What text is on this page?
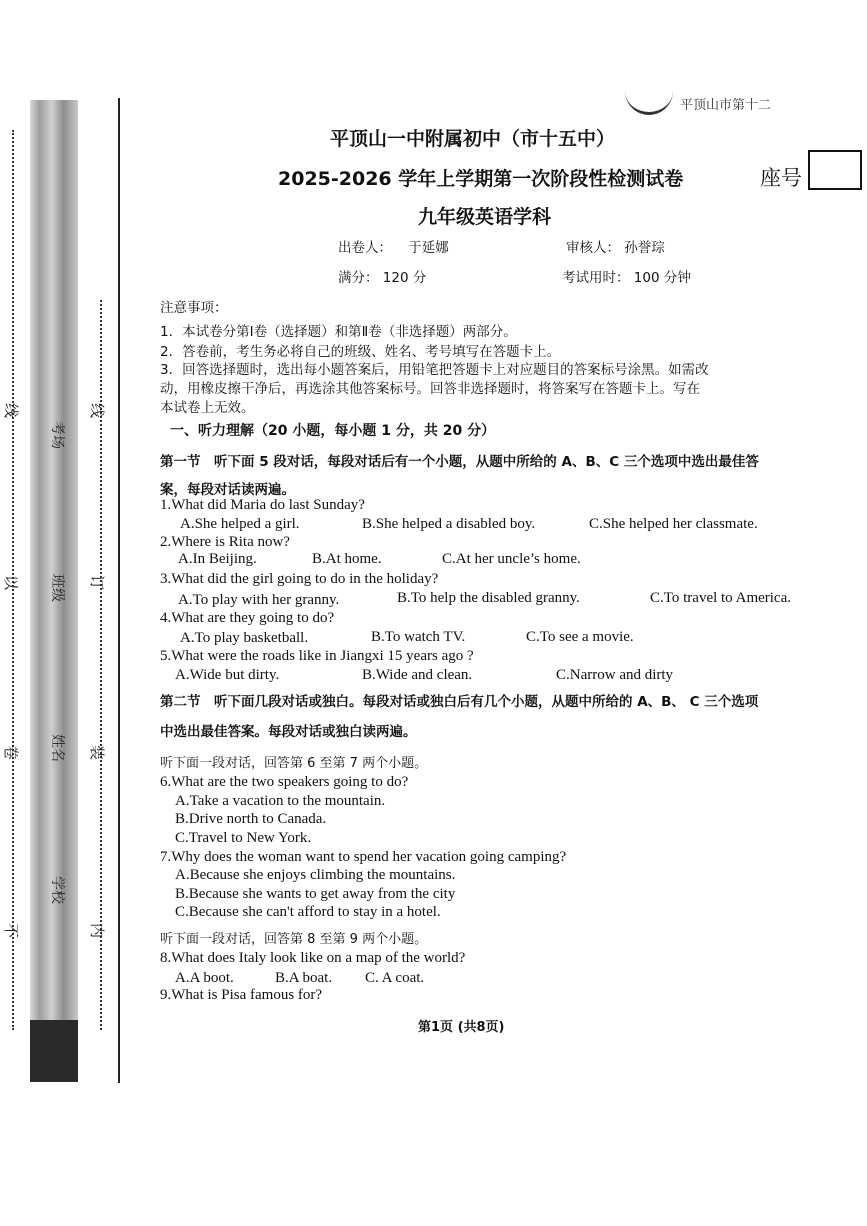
线
以
卷
不
线
订
装
内
考场
班级
姓名
学校
平顶山市第十二
平顶山一中附属初中（市十五中）
2025-2026 学年上学期第一次阶段性检测试卷	座号
九年级英语学科
出卷人： 于延娜	审核人： 孙誉琮
满分： 120 分	考试用时： 100 分钟
注意事项：
1．本试卷分第Ⅰ卷（选择题）和第Ⅱ卷（非选择题）两部分。
2．答卷前，考生务必将自己的班级、姓名、考号填写在答题卡上。
3．回答选择题时，选出每小题答案后，用铅笔把答题卡上对应题目的答案标号涂黑。如需改
动，用橡皮擦干净后，再选涂其他答案标号。回答非选择题时，将答案写在答题卡上。写在
本试卷上无效。
一、听力理解（20 小题，每小题 1 分，共 20 分）
第一节　听下面 5 段对话，每段对话后有一个小题，从题中所给的 A、B、C 三个选项中选出最佳答
案，每段对话读两遍。
1.What did Maria do last Sunday?
A.She helped a girl.	B.She helped a disabled boy.	C.She helped her classmate.
2.Where is Rita now?
A.In Beijing.	B.At home.	C.At her uncle’s home.
3.What did the girl going to do in the holiday?
A.To play with her granny.	B.To help the disabled granny.	C.To travel to America.
4.What are they going to do?
A.To play basketball.	B.To watch TV.	C.To see a movie.
5.What were the roads like in Jiangxi 15 years ago ?
A.Wide but dirty.	B.Wide and clean.	C.Narrow and dirty
第二节　听下面几段对话或独白。每段对话或独白后有几个小题，从题中所给的 A、B、 C 三个选项
中选出最佳答案。每段对话或独白读两遍。
听下面一段对话，回答第 6 至第 7 两个小题。
6.What are the two speakers going to do?
A.Take a vacation to the mountain.
B.Drive north to Canada.
C.Travel to New York.
7.Why does the woman want to spend her vacation going camping?
A.Because she enjoys climbing the mountains.
B.Because she wants to get away from the city
C.Because she can't afford to stay in a hotel.
听下面一段对话，回答第 8 至第 9 两个小题。
8.What does Italy look like on a map of the world?
A.A boot.	B.A boat. C. A coat.
9.What is Pisa famous for?
第1页 (共8页)
